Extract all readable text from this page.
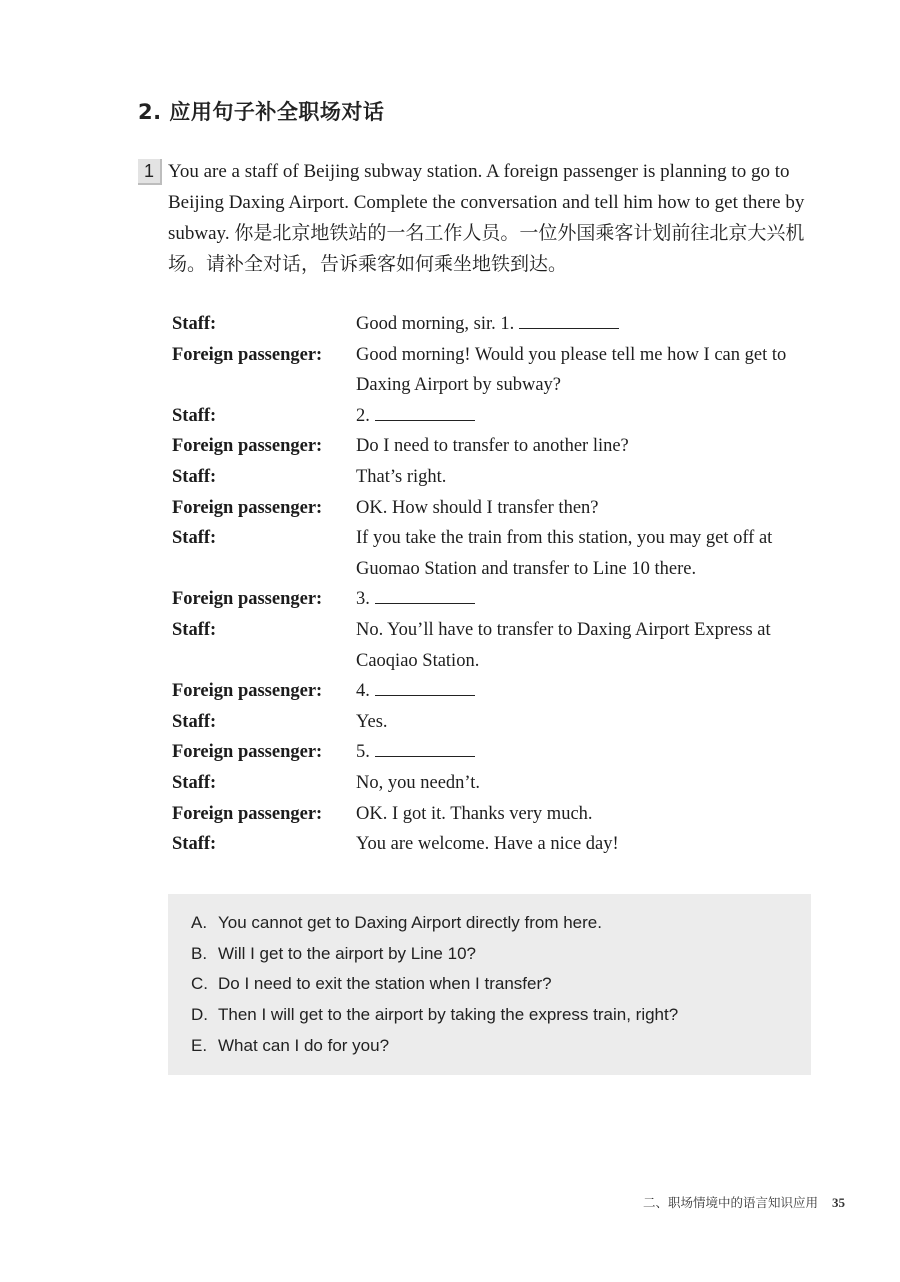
2. 应用句子补全职场对话
1 You are a staff of Beijing subway station. A foreign passenger is planning to go to Beijing Daxing Airport. Complete the conversation and tell him how to get there by subway. 你是北京地铁站的一名工作人员。一位外国乘客计划前往北京大兴机场。请补全对话，告诉乘客如何乘坐地铁到达。
Staff:	Good morning, sir. 1.
Foreign passenger:	Good morning! Would you please tell me how I can get to Daxing Airport by subway?
Staff:	2.
Foreign passenger:	Do I need to transfer to another line?
Staff:	That’s right.
Foreign passenger:	OK. How should I transfer then?
Staff:	If you take the train from this station, you may get off at Guomao Station and transfer to Line 10 there.
Foreign passenger:	3.
Staff:	No. You’ll have to transfer to Daxing Airport Express at Caoqiao Station.
Foreign passenger:	4.
Staff:	Yes.
Foreign passenger:	5.
Staff:	No, you needn’t.
Foreign passenger:	OK. I got it. Thanks very much.
Staff:	You are welcome. Have a nice day!
A. You cannot get to Daxing Airport directly from here.
B. Will I get to the airport by Line 10?
C. Do I need to exit the station when I transfer?
D. Then I will get to the airport by taking the express train, right?
E. What can I do for you?
二、职场情境中的语言知识应用 35
